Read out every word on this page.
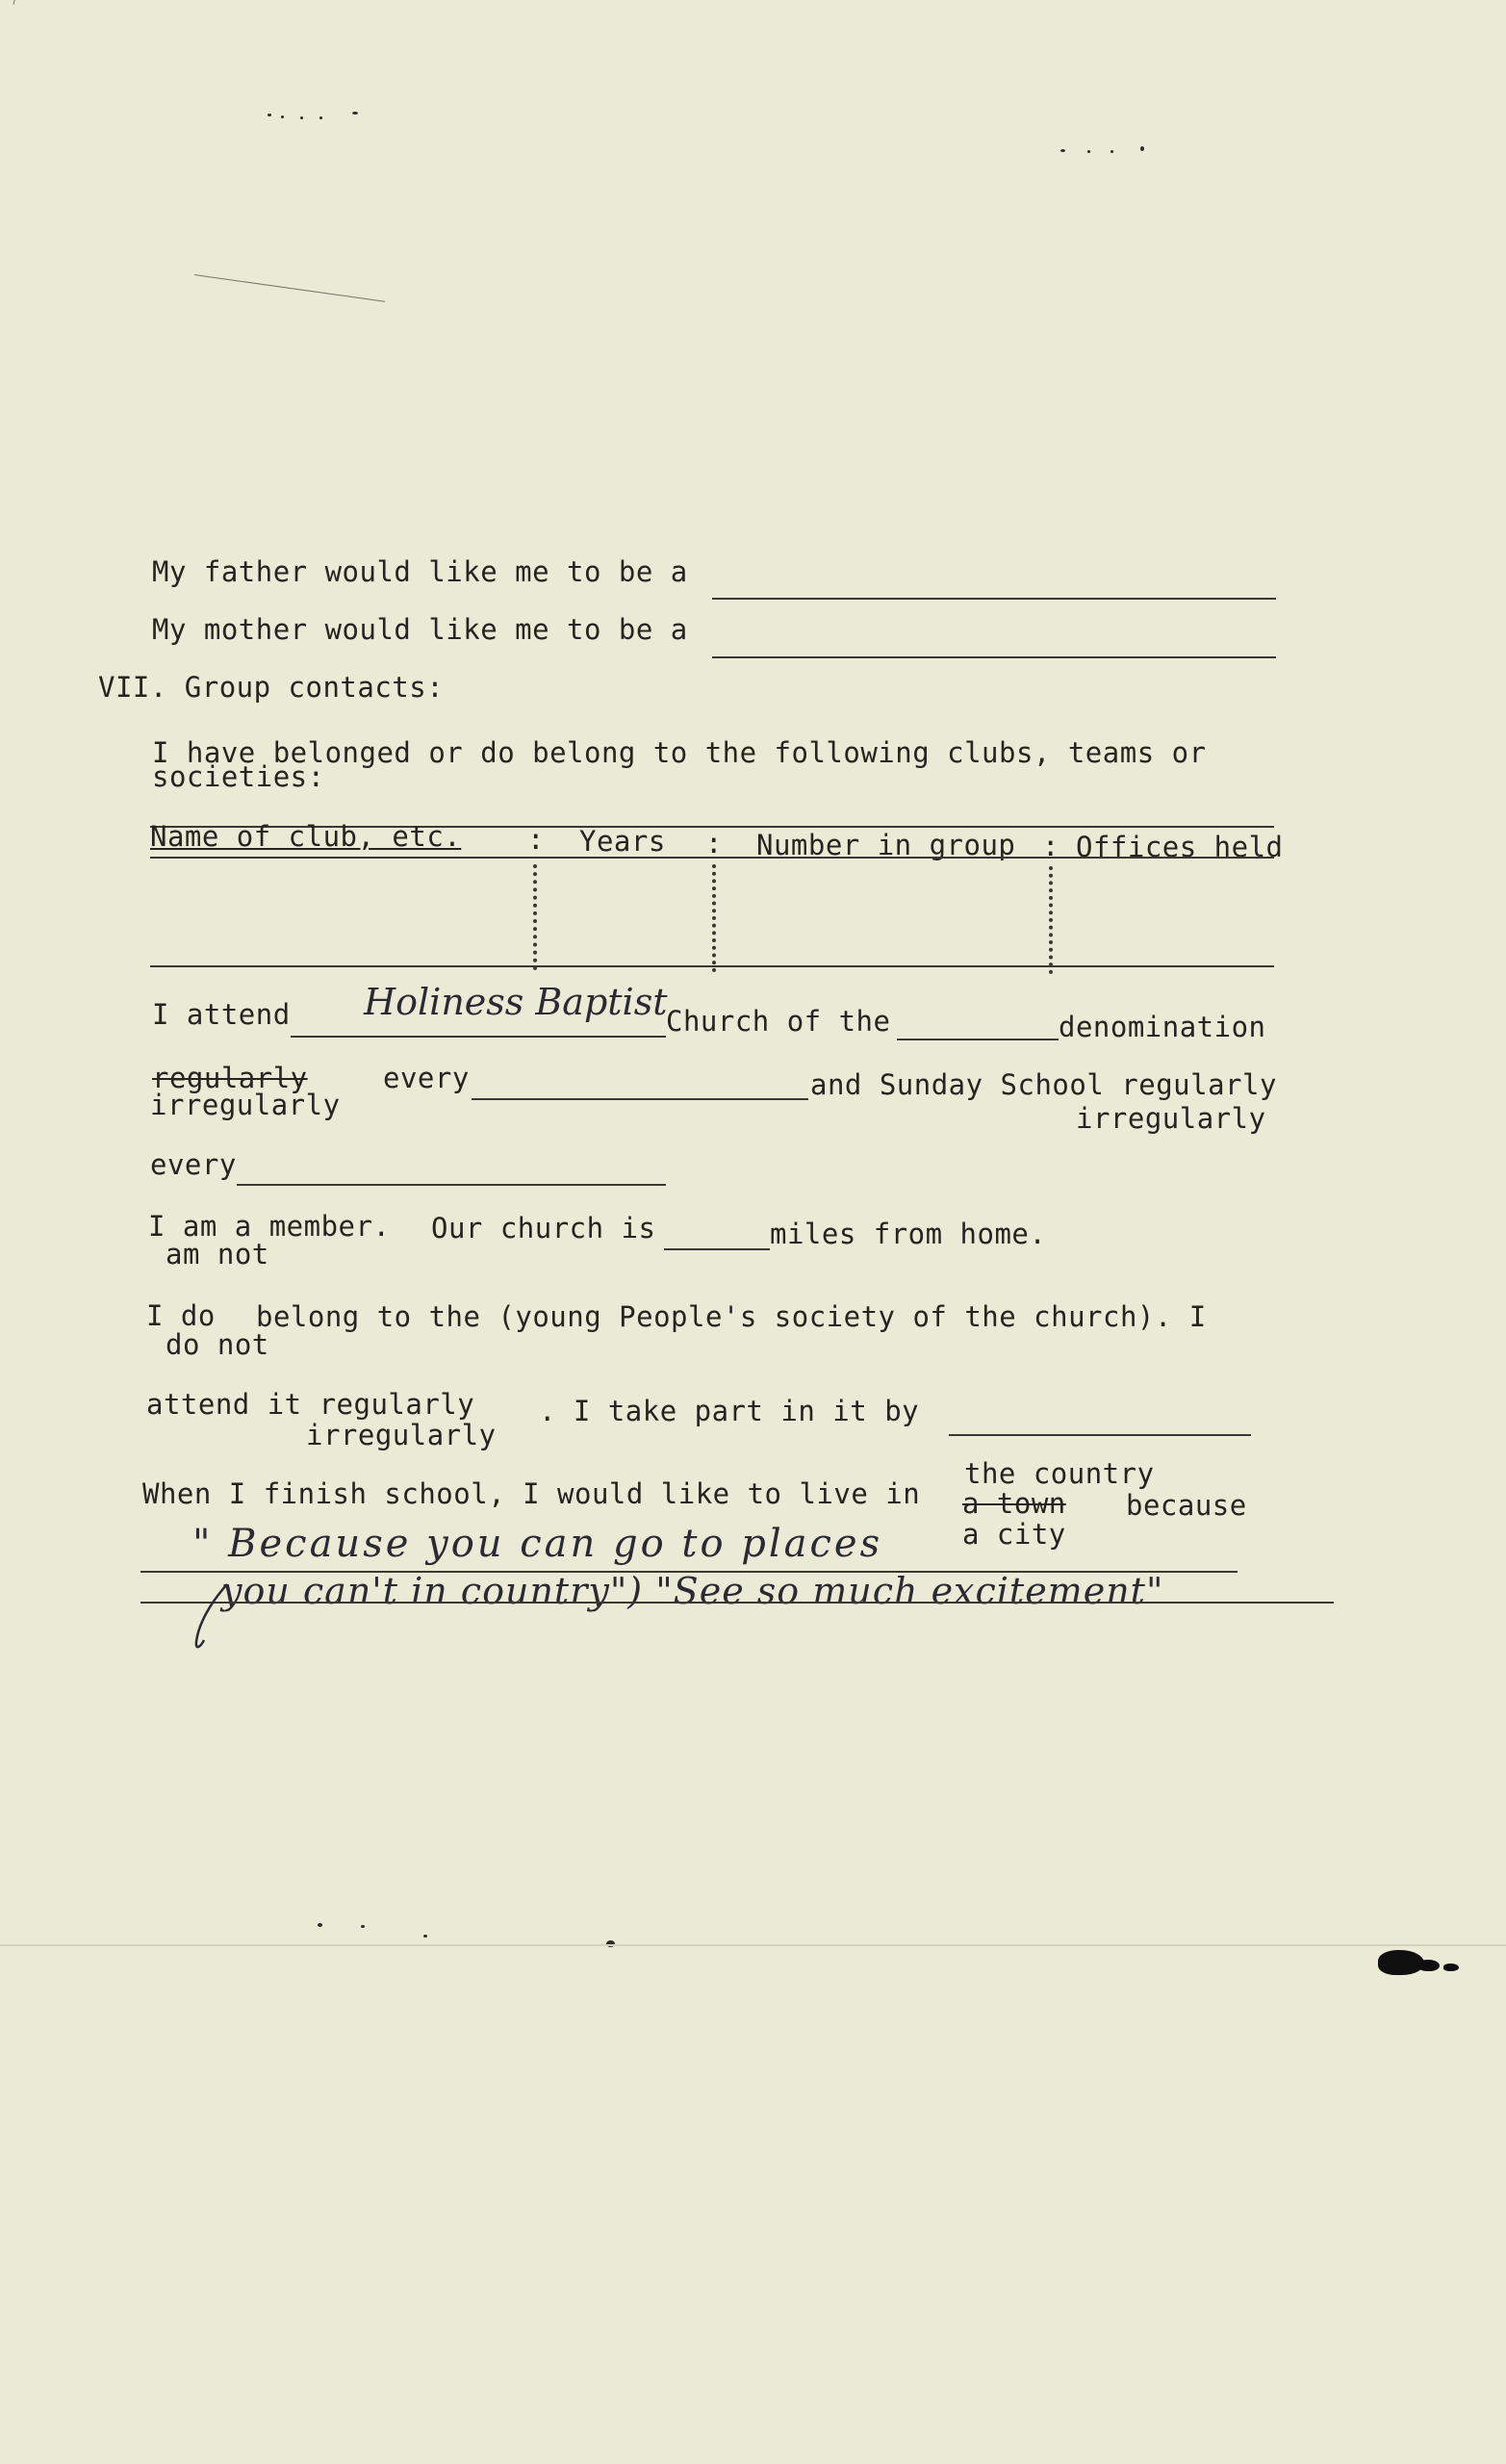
My father would like me to be a
My mother would like me to be a
VII. Group contacts:
I have belonged or do belong to the following clubs, teams or
societies:
Name of club, etc. : Years : Number in group : Offices held
I attend Holiness Baptist
Church of the	denomination
regularly
irregularly
every	and Sunday School regularly
irregularly
every
I am a member.
am not
Our church is	miles from home.
I do belong to the (young People's society of the church). I
do not
attend it regularly
irregularly
. I take part in it by
When I finish school, I would like to live in
the country
a town because
a city
" Because you can go to places
you can't in country") "See so much excitement"
